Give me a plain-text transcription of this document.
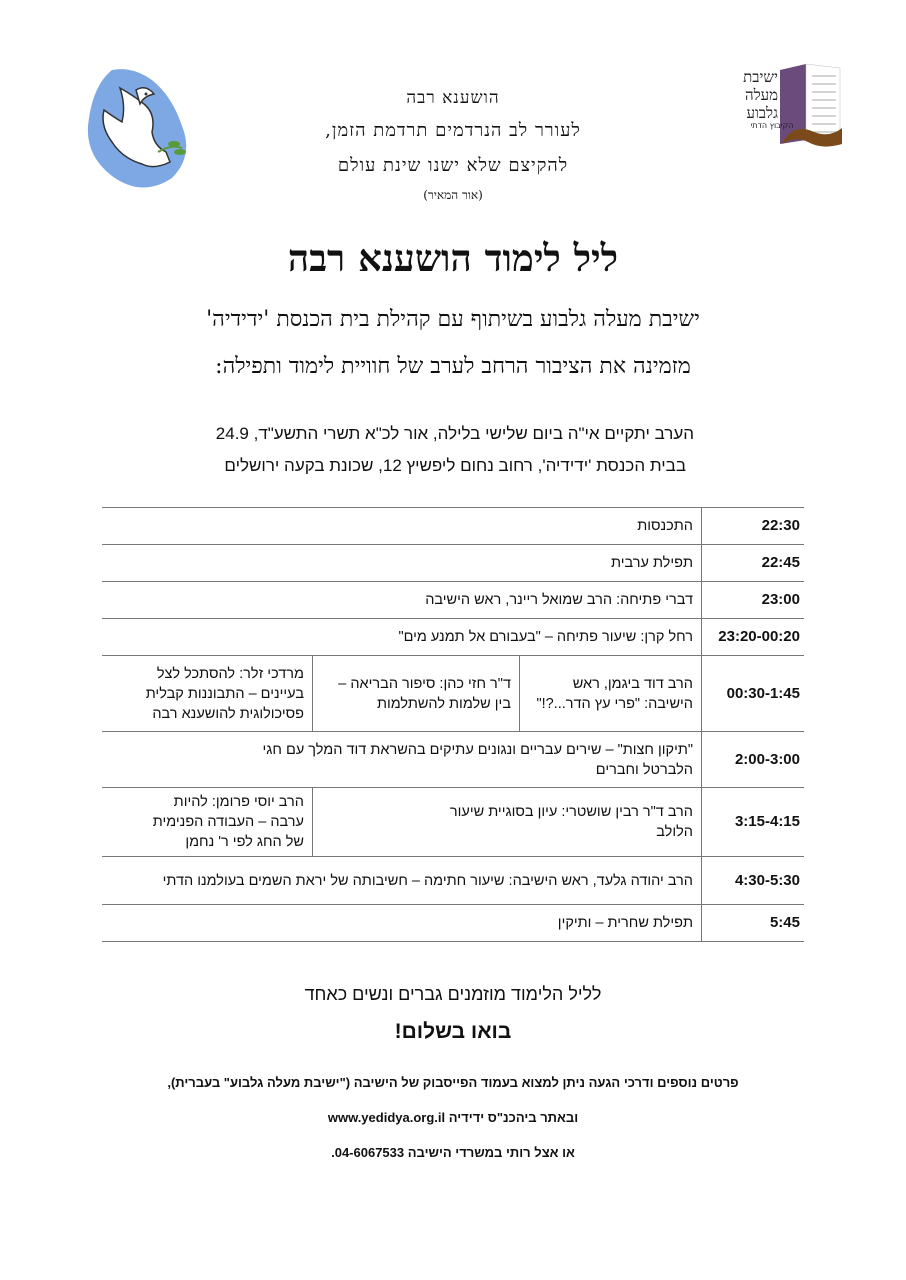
ישיבת
מעלה
גלבוע
הקיבוץ הדתי
הושענא רבה
לעורר לב הנרדמים תרדמת הזמן,
להקיצם שלא ישנו שינת עולם
(אור המאיר)
ליל לימוד הושענא רבה
ישיבת מעלה גלבוע בשיתוף עם קהילת בית הכנסת 'ידידיה'
מזמינה את הציבור הרחב לערב של חוויית לימוד ותפילה:
הערב יתקיים אי"ה ביום שלישי בלילה, אור לכ"א תשרי התשע"ד, 24.9
בבית הכנסת 'ידידיה', רחוב נחום ליפשיץ 12, שכונת בקעה ירושלים
22:30	התכנסות		
22:45	תפילת ערבית		
23:00	דברי פתיחה: הרב שמואל ריינר, ראש הישיבה		
23:20-00:20	רחל קרן: שיעור פתיחה – "בעבורם אל תמנע מים"		
00:30-1:45	הרב דוד ביגמן, ראש הישיבה: "פרי עץ הדר...?!"	ד"ר חזי כהן: סיפור הבריאה – בין שלמות להשתלמות	מרדכי זלר: להסתכל לצל בעיינים – התבוננות קבלית פסיכולוגית להושענא רבה
2:00-3:00	"תיקון חצות" – שירים עבריים ונגונים עתיקים בהשראת דוד המלך עם חגי הלברטל וחברים		
3:15-4:15	הרב ד"ר רבין שושטרי: עיון בסוגיית שיעור הלולב		הרב יוסי פרומן: להיות ערבה – העבודה הפנימית של החג לפי ר' נחמן
4:30-5:30	הרב יהודה גלעד, ראש הישיבה: שיעור חתימה – חשיבותה של יראת השמים בעולמנו הדתי		
5:45	תפילת שחרית – ותיקין		
לליל הלימוד מוזמנים גברים ונשים כאחד
בואו בשלום!
פרטים נוספים ודרכי הגעה ניתן למצוא בעמוד הפייסבוק של הישיבה ("ישיבת מעלה גלבוע" בעברית),
ובאתר ביהכנ"ס ידידיה www.yedidya.org.il
או אצל רותי במשרדי הישיבה 04-6067533.
